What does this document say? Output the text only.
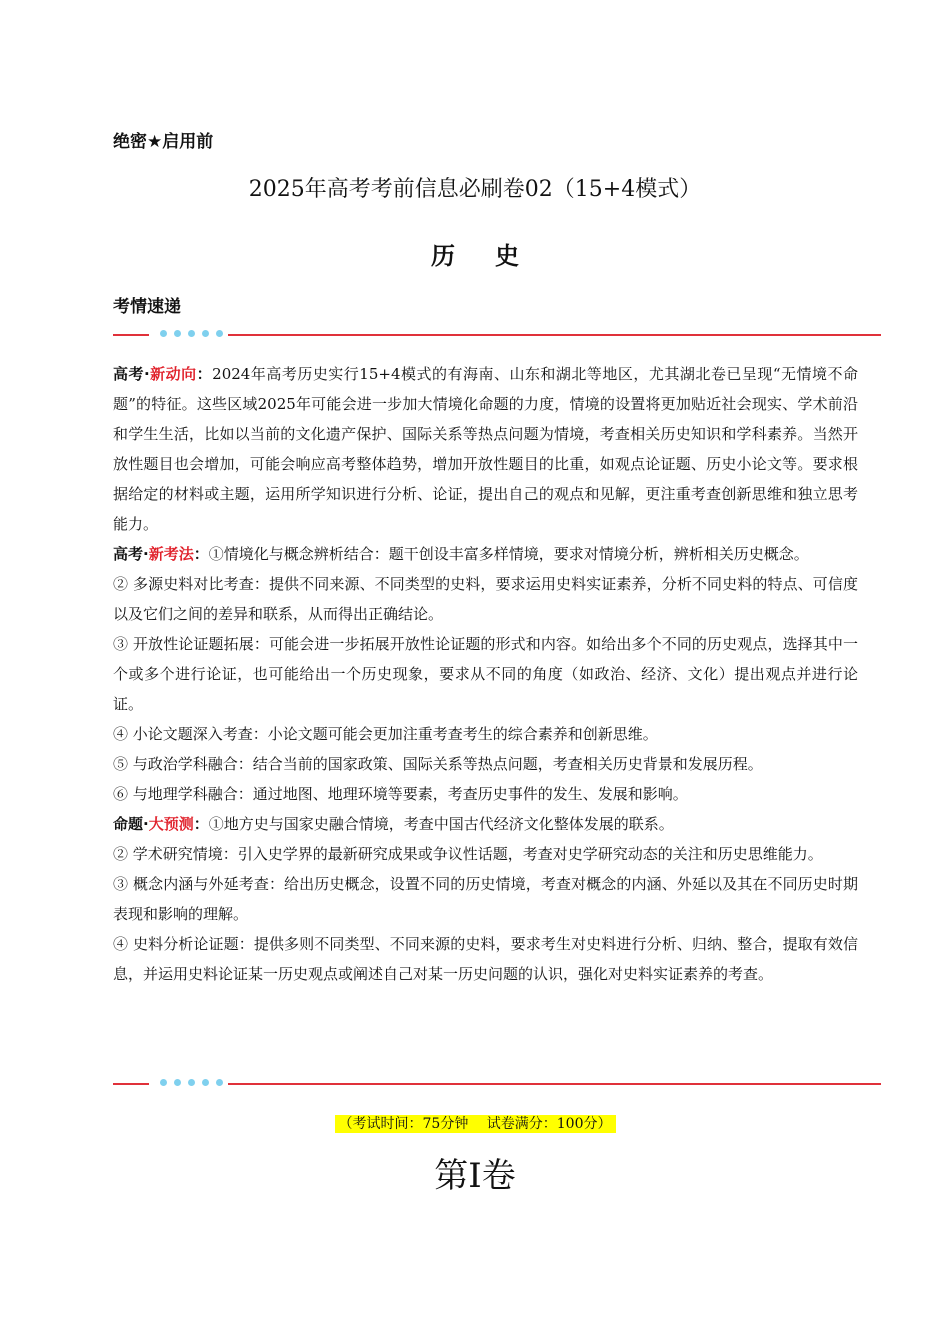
绝密★启用前
2025年高考考前信息必刷卷02（15+4模式）
历史
考情速递

高考·新动向：2024年高考历史实行15+4模式的有海南、山东和湖北等地区，尤其湖北卷已呈现“无情境不命题”的特征。这些区域2025年可能会进一步加大情境化命题的力度，情境的设置将更加贴近社会现实、学术前沿和学生生活，比如以当前的文化遗产保护、国际关系等热点问题为情境，考查相关历史知识和学科素养。当然开放性题目也会增加，可能会响应高考整体趋势，增加开放性题目的比重，如观点论证题、历史小论文等。要求根据给定的材料或主题，运用所学知识进行分析、论证，提出自己的观点和见解，更注重考查创新思维和独立思考能力。

高考·新考法：①情境化与概念辨析结合：题干创设丰富多样情境，要求对情境分析，辨析相关历史概念。

② 多源史料对比考查：提供不同来源、不同类型的史料，要求运用史料实证素养，分析不同史料的特点、可信度以及它们之间的差异和联系，从而得出正确结论。

③ 开放性论证题拓展：可能会进一步拓展开放性论证题的形式和内容。如给出多个不同的历史观点，选择其中一个或多个进行论证，也可能给出一个历史现象，要求从不同的角度（如政治、经济、文化）提出观点并进行论证。

④ 小论文题深入考查：小论文题可能会更加注重考查考生的综合素养和创新思维。

⑤ 与政治学科融合：结合当前的国家政策、国际关系等热点问题，考查相关历史背景和发展历程。

⑥ 与地理学科融合：通过地图、地理环境等要素，考查历史事件的发生、发展和影响。

命题·大预测：①地方史与国家史融合情境，考查中国古代经济文化整体发展的联系。

② 学术研究情境：引入史学界的最新研究成果或争议性话题，考查对史学研究动态的关注和历史思维能力。

③ 概念内涵与外延考查：给出历史概念，设置不同的历史情境，考查对概念的内涵、外延以及其在不同历史时期表现和影响的理解。

④ 史料分析论证题：提供多则不同类型、不同来源的史料，要求考生对史料进行分析、归纳、整合，提取有效信息，并运用史料论证某一历史观点或阐述自己对某一历史问题的认识，强化对史料实证素养的考查。

（考试时间：75分钟　 试卷满分：100分）
第I卷
